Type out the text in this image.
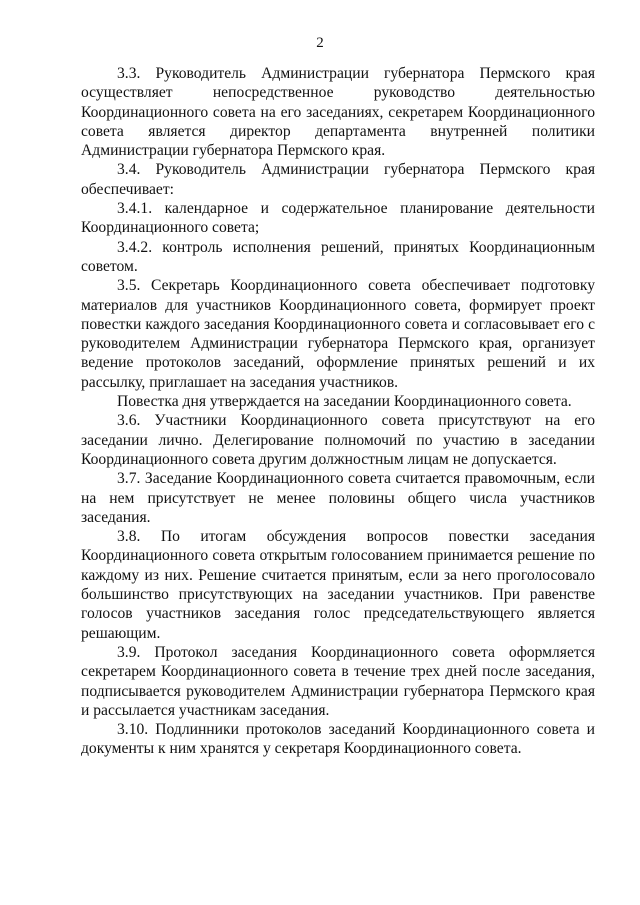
2

3.3. Руководитель Администрации губернатора Пермского края осуществляет непосредственное руководство деятельностью Координационного совета на его заседаниях, секретарем Координационного совета является директор департамента внутренней политики Администрации губернатора Пермского края.

3.4. Руководитель Администрации губернатора Пермского края обеспечивает:

3.4.1. календарное и содержательное планирование деятельности Координационного совета;

3.4.2. контроль исполнения решений, принятых Координационным советом.

3.5. Секретарь Координационного совета обеспечивает подготовку материалов для участников Координационного совета, формирует проект повестки каждого заседания Координационного совета и согласовывает его с руководителем Администрации губернатора Пермского края, организует ведение протоколов заседаний, оформление принятых решений и их рассылку, приглашает на заседания участников.

Повестка дня утверждается на заседании Координационного совета.

3.6. Участники Координационного совета присутствуют на его заседании лично. Делегирование полномочий по участию в заседании Координационного совета другим должностным лицам не допускается.

3.7. Заседание Координационного совета считается правомочным, если на нем присутствует не менее половины общего числа участников заседания.

3.8. По итогам обсуждения вопросов повестки заседания Координационного совета открытым голосованием принимается решение по каждому из них. Решение считается принятым, если за него проголосовало большинство присутствующих на заседании участников. При равенстве голосов участников заседания голос председательствующего является решающим.

3.9. Протокол заседания Координационного совета оформляется секретарем Координационного совета в течение трех дней после заседания, подписывается руководителем Администрации губернатора Пермского края и рассылается участникам заседания.

3.10. Подлинники протоколов заседаний Координационного совета и документы к ним хранятся у секретаря Координационного совета.
